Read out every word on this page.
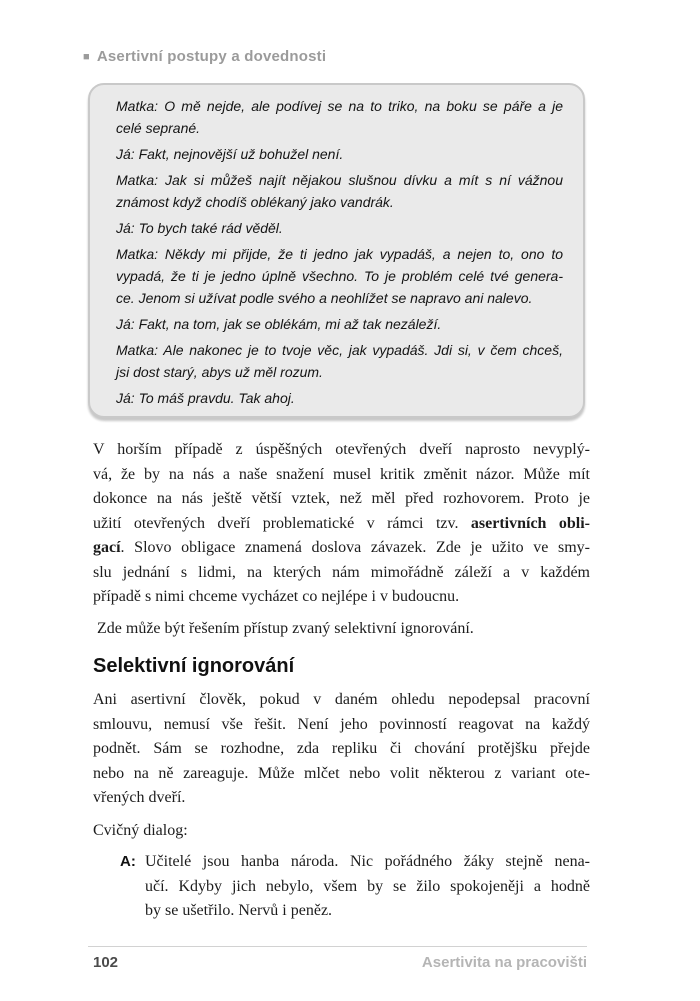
■ Asertivní postupy a dovednosti
Matka: O mě nejde, ale podívej se na to triko, na boku se páře a je
celé seprané.
Já: Fakt, nejnovější už bohužel není.
Matka: Jak si můžeš najít nějakou slušnou dívku a mít s ní vážnou
známost když chodíš oblékaný jako vandrák.
Já: To bych také rád věděl.
Matka: Někdy mi přijde, že ti jedno jak vypadáš, a nejen to, ono to
vypadá, že ti je jedno úplně všechno. To je problém celé tvé genera-
ce. Jenom si užívat podle svého a neohlížet se napravo ani nalevo.
Já: Fakt, na tom, jak se oblékám, mi až tak nezáleží.
Matka: Ale nakonec je to tvoje věc, jak vypadáš. Jdi si, v čem chceš,
jsi dost starý, abys už měl rozum.
Já: To máš pravdu. Tak ahoj.
V horším případě z úspěšných otevřených dveří naprosto nevyplý-
vá, že by na nás a naše snažení musel kritik změnit názor. Může mít
dokonce na nás ještě větší vztek, než měl před rozhovorem. Proto je
užití otevřených dveří problematické v rámci tzv. asertivních obli-
gací. Slovo obligace znamená doslova závazek. Zde je užito ve smy-
slu jednání s lidmi, na kterých nám mimořádně záleží a v každém
případě s nimi chceme vycházet co nejlépe i v budoucnu.
Zde může být řešením přístup zvaný selektivní ignorování.
Selektivní ignorování
Ani asertivní člověk, pokud v daném ohledu nepodepsal pracovní
smlouvu, nemusí vše řešit. Není jeho povinností reagovat na každý
podnět. Sám se rozhodne, zda repliku či chování protějšku přejde
nebo na ně zareaguje. Může mlčet nebo volit některou z variant ote-
vřených dveří.
Cvičný dialog:
A: Učitelé jsou hanba národa. Nic pořádného žáky stejně nena-
učí. Kdyby jich nebylo, všem by se žilo spokojeněji a hodně
by se ušetřilo. Nervů i peněz.
102	Asertivita na pracovišti
